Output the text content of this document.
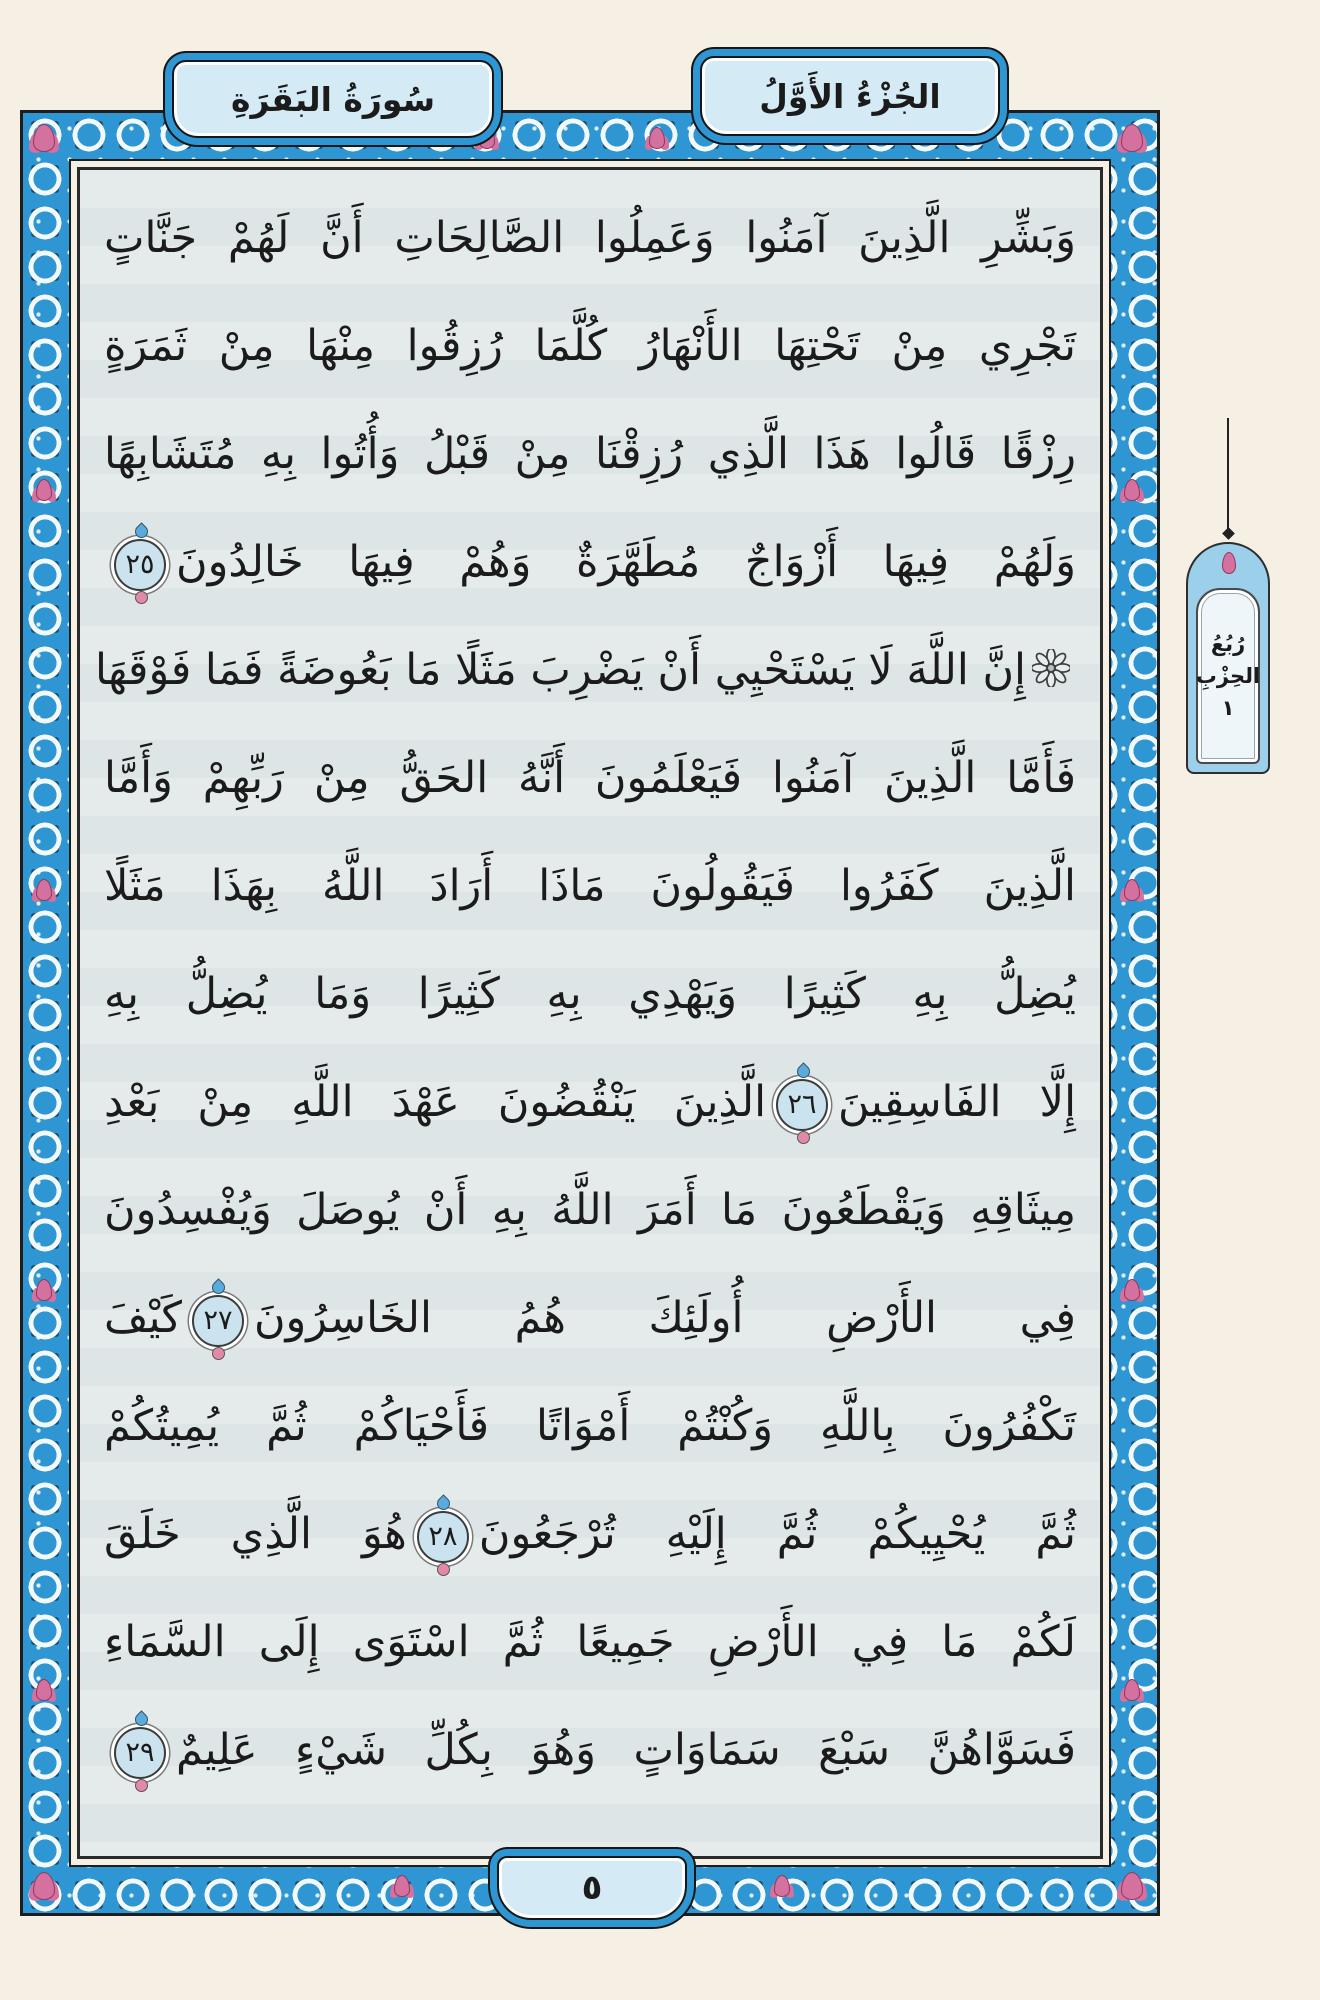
سُورَةُ البَقَرَةِ	الجُزْءُ الأَوَّلُ
وَبَشِّرِ الَّذِينَ آمَنُوا وَعَمِلُوا الصَّالِحَاتِ أَنَّ لَهُمْ جَنَّاتٍ
تَجْرِي مِنْ تَحْتِهَا الأَنْهَارُ كُلَّمَا رُزِقُوا مِنْهَا مِنْ ثَمَرَةٍ
رِزْقًا قَالُوا هَذَا الَّذِي رُزِقْنَا مِنْ قَبْلُ وَأُتُوا بِهِ مُتَشَابِهًا
وَلَهُمْ فِيهَا أَزْوَاجٌ مُطَهَّرَةٌ وَهُمْ فِيهَا خَالِدُونَ٢٥
إِنَّ اللَّهَ لَا يَسْتَحْيِي أَنْ يَضْرِبَ مَثَلًا مَا بَعُوضَةً فَمَا فَوْقَهَا
فَأَمَّا الَّذِينَ آمَنُوا فَيَعْلَمُونَ أَنَّهُ الحَقُّ مِنْ رَبِّهِمْ وَأَمَّا
الَّذِينَ كَفَرُوا فَيَقُولُونَ مَاذَا أَرَادَ اللَّهُ بِهَذَا مَثَلًا
يُضِلُّ بِهِ كَثِيرًا وَيَهْدِي بِهِ كَثِيرًا وَمَا يُضِلُّ بِهِ
إِلَّا الفَاسِقِينَ٢٦الَّذِينَ يَنْقُضُونَ عَهْدَ اللَّهِ مِنْ بَعْدِ
مِيثَاقِهِ وَيَقْطَعُونَ مَا أَمَرَ اللَّهُ بِهِ أَنْ يُوصَلَ وَيُفْسِدُونَ
فِي الأَرْضِ أُولَئِكَ هُمُ الخَاسِرُونَ٢٧كَيْفَ
تَكْفُرُونَ بِاللَّهِ وَكُنْتُمْ أَمْوَاتًا فَأَحْيَاكُمْ ثُمَّ يُمِيتُكُمْ
ثُمَّ يُحْيِيكُمْ ثُمَّ إِلَيْهِ تُرْجَعُونَ٢٨هُوَ الَّذِي خَلَقَ
لَكُمْ مَا فِي الأَرْضِ جَمِيعًا ثُمَّ اسْتَوَى إِلَى السَّمَاءِ
فَسَوَّاهُنَّ سَبْعَ سَمَاوَاتٍ وَهُوَ بِكُلِّ شَيْءٍ عَلِيمٌ٢٩
٥
رُبُعُ
الحِزْبِ
١
